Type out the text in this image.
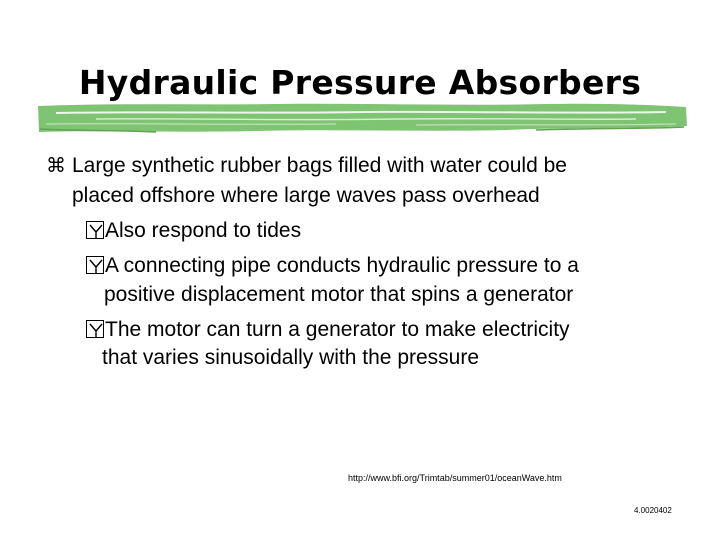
Hydraulic Pressure Absorbers
⌘ Large synthetic rubber bags filled with water could be
placed offshore where large waves pass overhead
Also respond to tides
A connecting pipe conducts hydraulic pressure to a
positive displacement motor that spins a generator
The motor can turn a generator to make electricity
that varies sinusoidally with the pressure
http://www.bfi.org/Trimtab/summer01/oceanWave.htm
4.0020402
